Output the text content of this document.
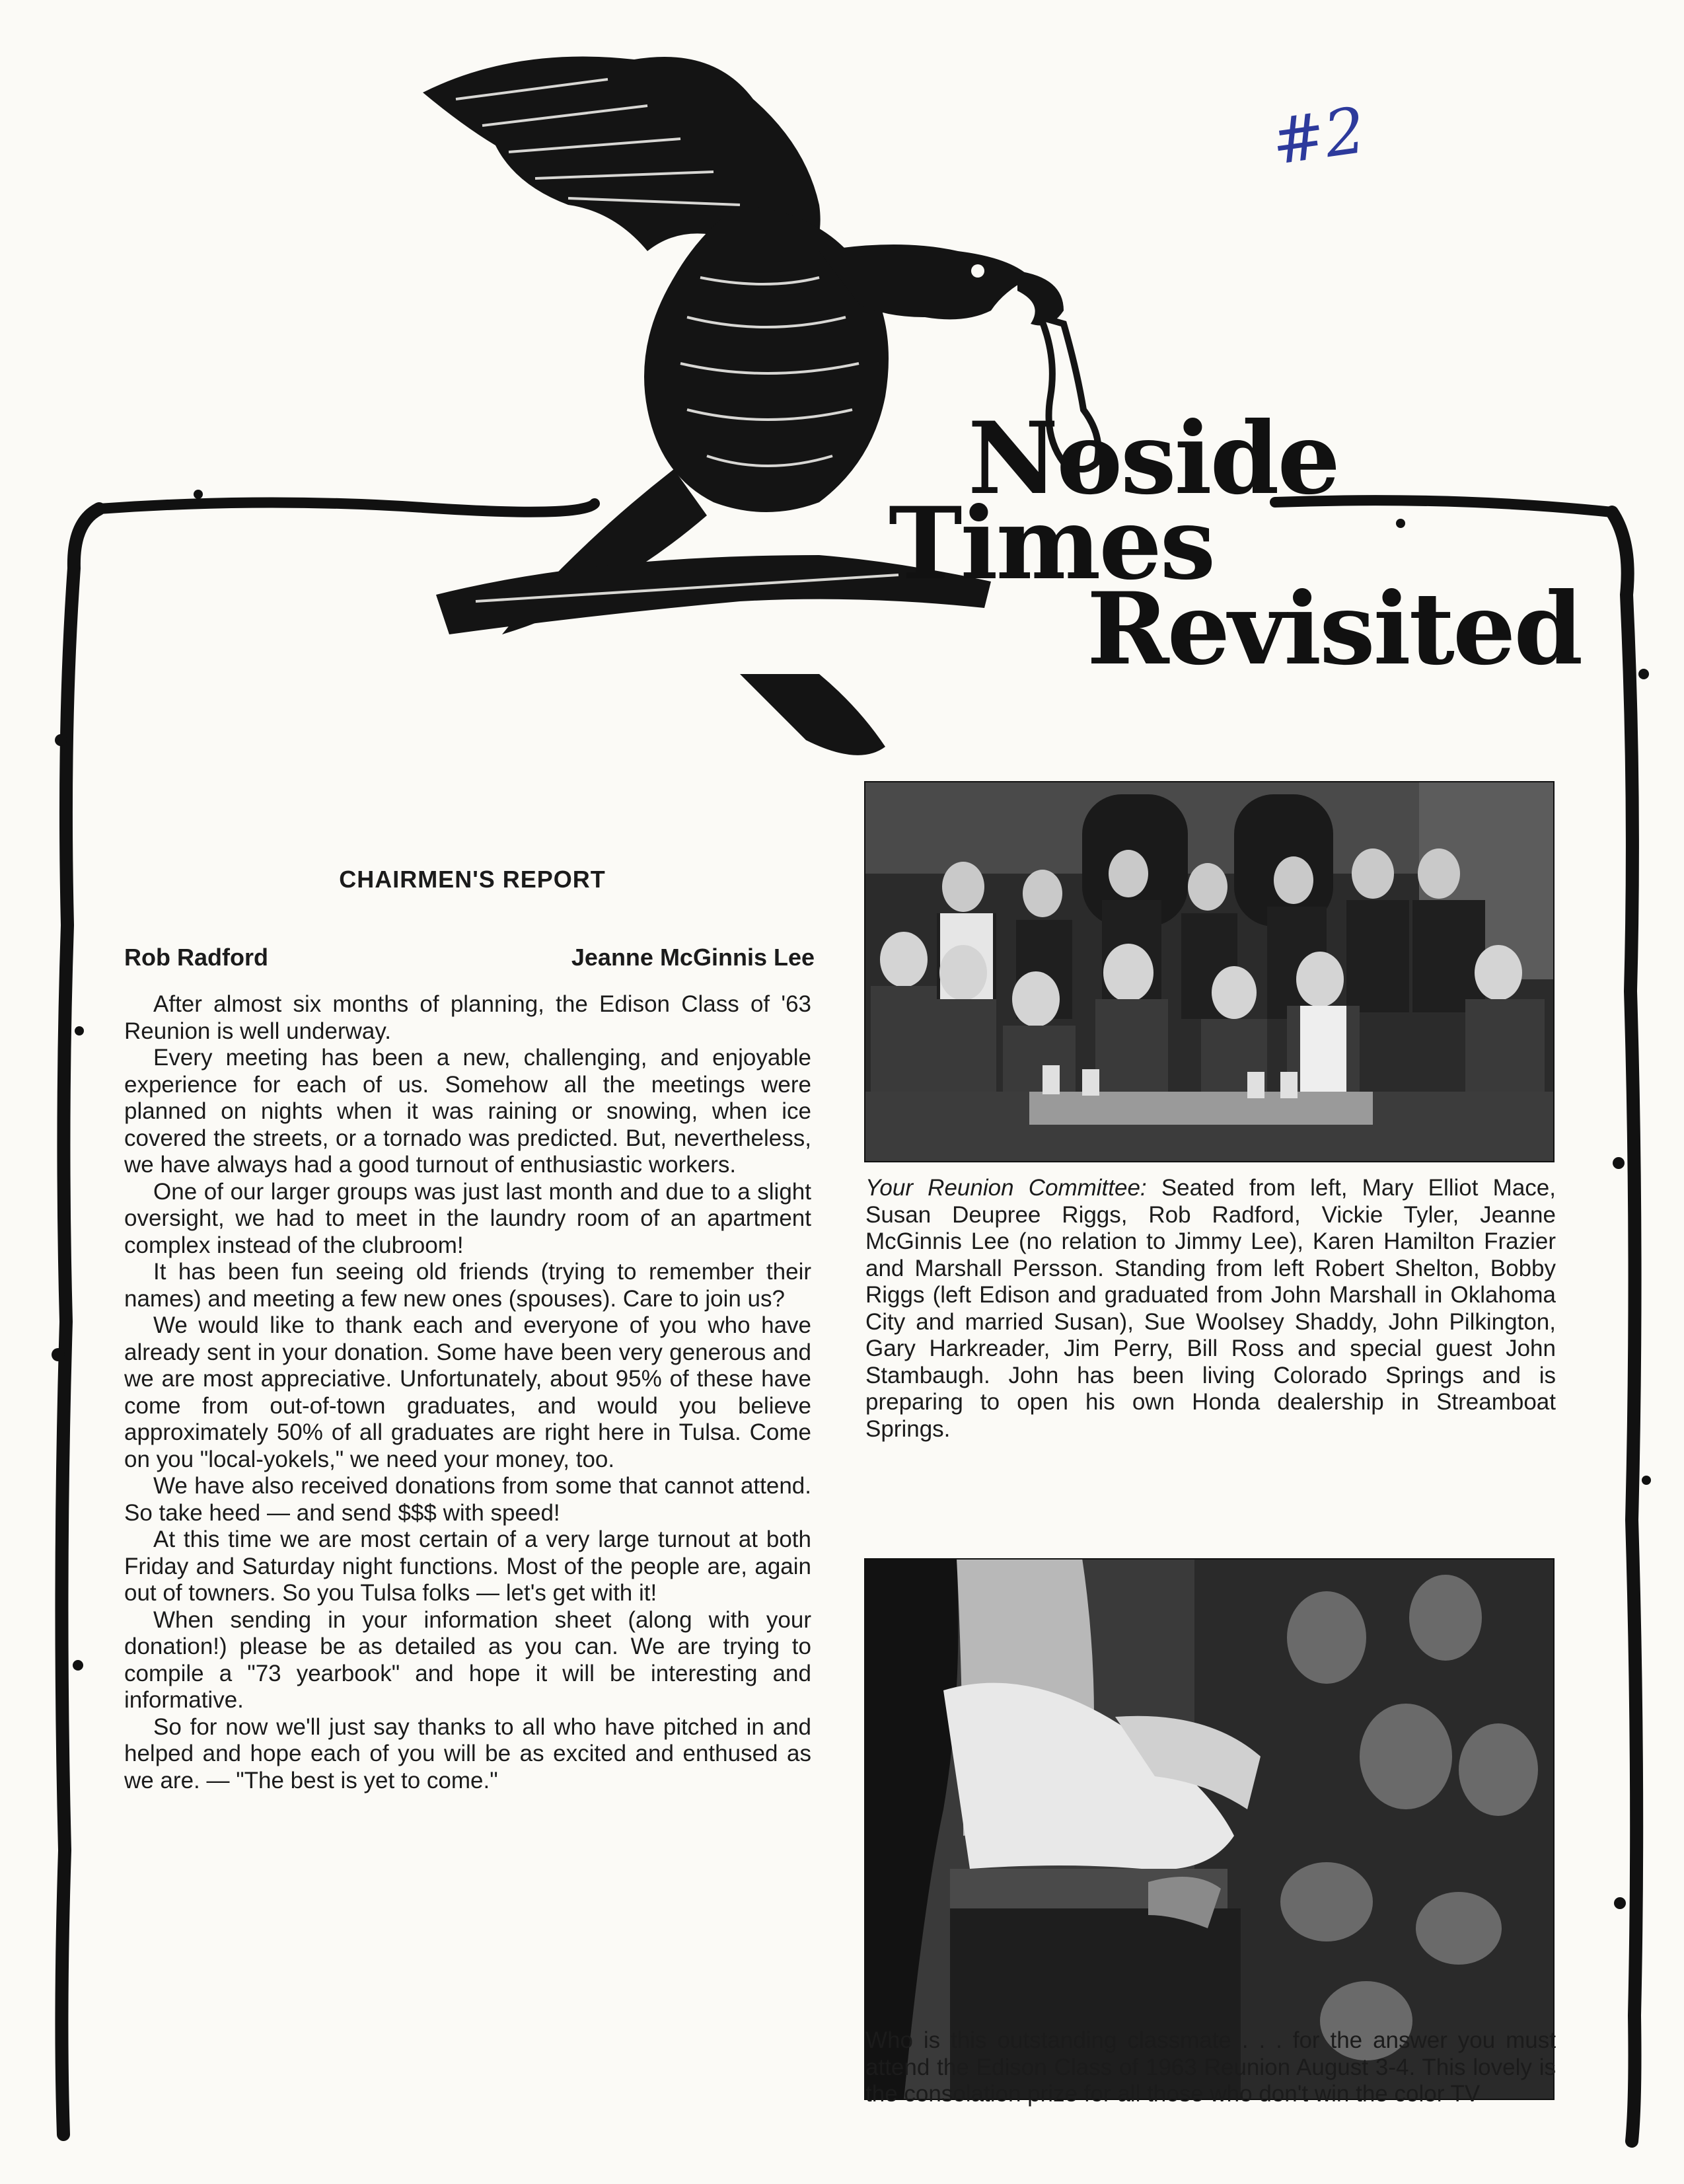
#2
Noside
Times
Revisited
CHAIRMEN'S REPORT
Rob Radford	Jeanne McGinnis Lee

After almost six months of planning, the Edison Class of '63 Reunion is well underway.

Every meeting has been a new, challenging, and enjoyable experience for each of us. Somehow all the meetings were planned on nights when it was raining or snowing, when ice covered the streets, or a tornado was predicted. But, nevertheless, we have always had a good turnout of enthusiastic workers.

One of our larger groups was just last month and due to a slight oversight, we had to meet in the laundry room of an apartment complex instead of the clubroom!

It has been fun seeing old friends (trying to remember their names) and meeting a few new ones (spouses). Care to join us?

We would like to thank each and everyone of you who have already sent in your donation. Some have been very generous and we are most appreciative. Unfortunately, about 95% of these have come from out-of-town graduates, and would you believe approximately 50% of all graduates are right here in Tulsa. Come on you "local-yokels," we need your money, too.

We have also received donations from some that cannot attend. So take heed — and send $$$ with speed!

At this time we are most certain of a very large turnout at both Friday and Saturday night functions. Most of the people are, again out of towners. So you Tulsa folks — let's get with it!

When sending in your information sheet (along with your donation!) please be as detailed as you can. We are trying to compile a "73 yearbook" and hope it will be interesting and informative.

So for now we'll just say thanks to all who have pitched in and helped and hope each of you will be as excited and enthused as we are. — "The best is yet to come."

Your Reunion Committee: Seated from left, Mary Elliot Mace, Susan Deupree Riggs, Rob Radford, Vickie Tyler, Jeanne McGinnis Lee (no relation to Jimmy Lee), Karen Hamilton Frazier and Marshall Persson. Standing from left Robert Shelton, Bobby Riggs (left Edison and graduated from John Marshall in Oklahoma City and married Susan), Sue Woolsey Shaddy, John Pilkington, Gary Harkreader, Jim Perry, Bill Ross and special guest John Stambaugh. John has been living Colorado Springs and is preparing to open his own Honda dealership in Streamboat Springs.
Who is this outstanding classmate . . . for the answer you must attend the Edison Class of 1963 Reunion August 3-4. This lovely is the consolation prize for all those who don't win the color TV
